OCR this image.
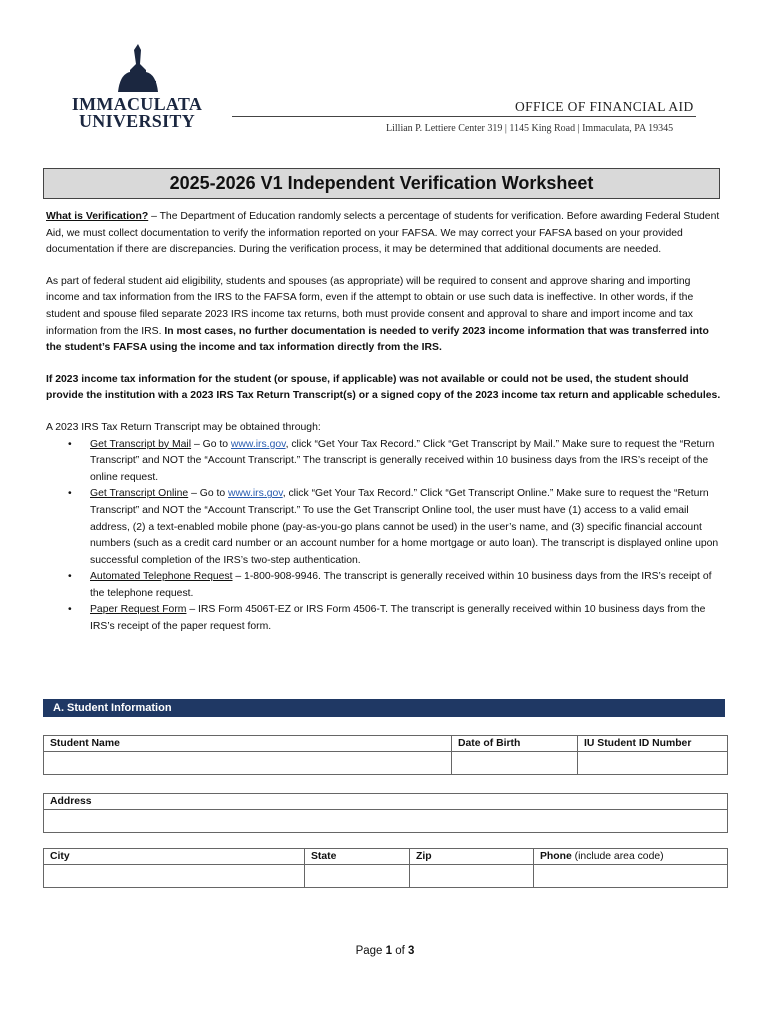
IMMACULATA UNIVERSITY
OFFICE OF FINANCIAL AID
Lillian P. Lettiere Center 319 | 1145 King Road | Immaculata, PA 19345
2025-2026 V1 Independent Verification Worksheet

What is Verification? – The Department of Education randomly selects a percentage of students for verification. Before awarding Federal Student Aid, we must collect documentation to verify the information reported on your FAFSA. We may correct your FAFSA based on your provided documentation if there are discrepancies. During the verification process, it may be determined that additional documents are needed.

As part of federal student aid eligibility, students and spouses (as appropriate) will be required to consent and approve sharing and importing income and tax information from the IRS to the FAFSA form, even if the attempt to obtain or use such data is ineffective. In other words, if the student and spouse filed separate 2023 IRS income tax returns, both must provide consent and approval to share and import income and tax information from the IRS. In most cases, no further documentation is needed to verify 2023 income information that was transferred into the student’s FAFSA using the income and tax information directly from the IRS.

If 2023 income tax information for the student (or spouse, if applicable) was not available or could not be used, the student should provide the institution with a 2023 IRS Tax Return Transcript(s) or a signed copy of the 2023 income tax return and applicable schedules.

A 2023 IRS Tax Return Transcript may be obtained through:
• Get Transcript by Mail – Go to www.irs.gov, click “Get Your Tax Record.” Click “Get Transcript by Mail.” Make sure to request the “Return Transcript” and NOT the “Account Transcript.” The transcript is generally received within 10 business days from the IRS’s receipt of the online request.
• Get Transcript Online – Go to www.irs.gov, click “Get Your Tax Record.” Click “Get Transcript Online.” Make sure to request the “Return Transcript” and NOT the “Account Transcript.” To use the Get Transcript Online tool, the user must have (1) access to a valid email address, (2) a text-enabled mobile phone (pay-as-you-go plans cannot be used) in the user’s name, and (3) specific financial account numbers (such as a credit card number or an account number for a home mortgage or auto loan). The transcript is displayed online upon successful completion of the IRS’s two-step authentication.
• Automated Telephone Request – 1-800-908-9946. The transcript is generally received within 10 business days from the IRS’s receipt of the telephone request.
• Paper Request Form – IRS Form 4506T-EZ or IRS Form 4506-T. The transcript is generally received within 10 business days from the IRS’s receipt of the paper request form.
A. Student Information
Student Name	Date of Birth	IU Student ID Number

Address

City	State	Zip	Phone (include area code)

Page 1 of 3
